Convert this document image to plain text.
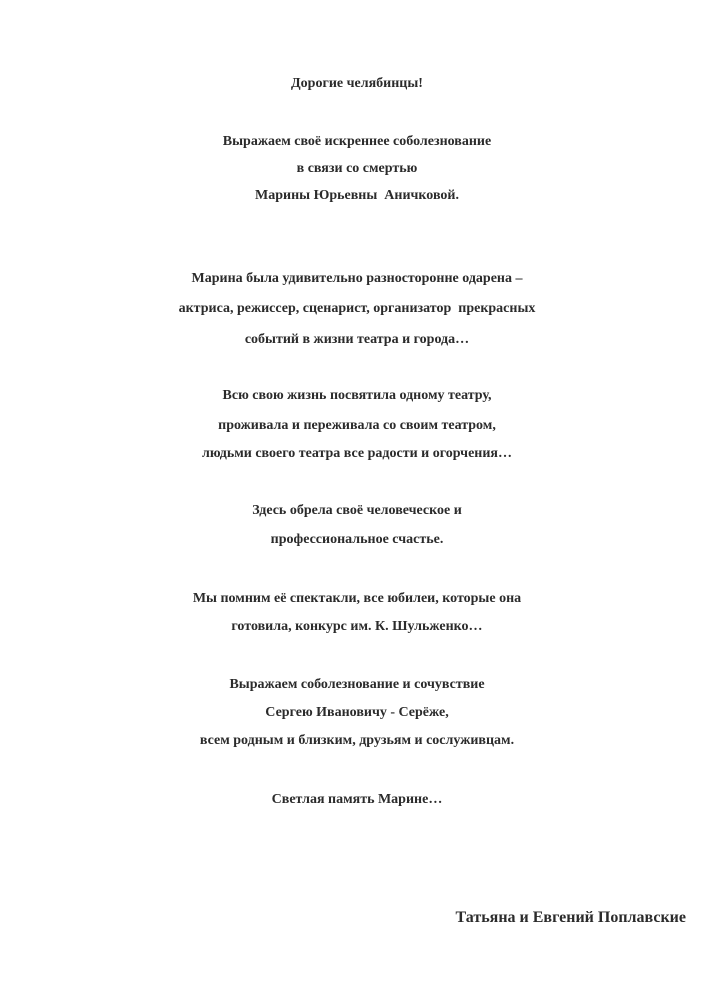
Дорогие челябинцы!
Выражаем своё искреннее соболезнование
в связи со смертью
Марины Юрьевны  Аничковой.
Марина была удивительно разносторонне одарена –
актриса, режиссер, сценарист, организатор  прекрасных
событий в жизни театра и города…
Всю свою жизнь посвятила одному театру,
проживала и переживала со своим театром,
людьми своего театра все радости и огорчения…
Здесь обрела своё человеческое и
профессиональное счастье.
Мы помним её спектакли, все юбилеи, которые она
готовила, конкурс им. К. Шульженко…
Выражаем соболезнование и сочувствие
Сергею Ивановичу - Серёже,
всем родным и близким, друзьям и сослуживцам.
Светлая память Марине…
Татьяна и Евгений Поплавские
